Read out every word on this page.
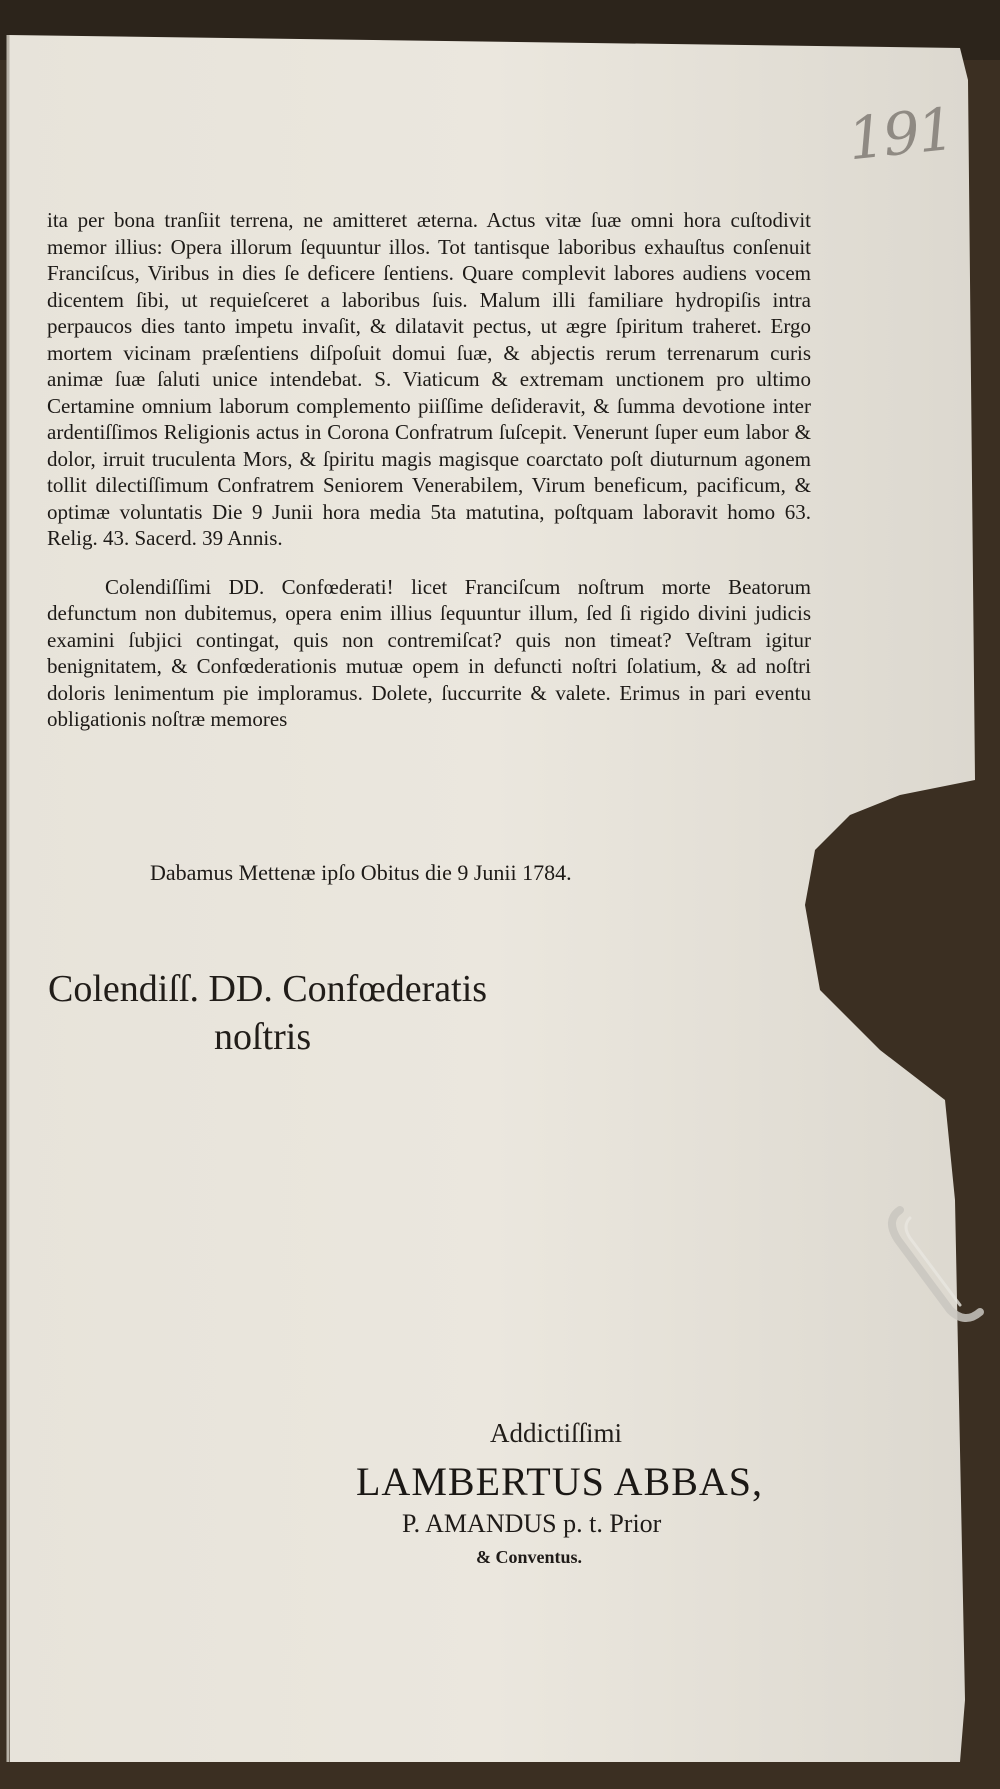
191

ita per bona tranſiit terrena, ne amitteret æterna. Actus vitæ ſuæ omni hora cuſtodivit memor illius: Opera illorum ſequuntur illos. Tot tantisque laboribus exhauſtus conſenuit Franciſcus, Viribus in dies ſe deficere ſentiens. Quare complevit labores audiens vocem dicentem ſibi, ut requieſceret a laboribus ſuis. Malum illi familiare hydropiſis intra perpaucos dies tanto impetu invaſit, & dilatavit pectus, ut ægre ſpiritum traheret. Ergo mortem vicinam præſentiens diſpoſuit domui ſuæ, & abjectis rerum terrenarum curis animæ ſuæ ſaluti unice intendebat. S. Viaticum & extremam unctionem pro ultimo Certamine omnium laborum complemento piiſſime deſideravit, & ſumma devotione inter ardentiſſimos Religionis actus in Corona Confratrum ſuſcepit. Venerunt ſuper eum labor & dolor, irruit truculenta Mors, & ſpiritu magis magisque coarctato poſt diuturnum agonem tollit dilectiſſimum Confratrem Seniorem Venerabilem, Virum beneficum, pacificum, & optimæ voluntatis Die 9 Junii hora media 5ta matutina, poſtquam laboravit homo 63. Relig. 43. Sacerd. 39 Annis.

Colendiſſimi DD. Confœderati! licet Franciſcum noſtrum morte Beatorum defunctum non dubitemus, opera enim illius ſequuntur illum, ſed ſi rigido divini judicis examini ſubjici contingat, quis non contremiſcat? quis non timeat? Veſtram igitur benignitatem, & Confœderationis mutuæ opem in defuncti noſtri ſolatium, & ad noſtri doloris lenimentum pie imploramus. Dolete, ſuccurrite & valete. Erimus in pari eventu obligationis noſtræ memores

Dabamus Mettenæ ipſo Obitus die 9 Junii 1784.
Colendiſſ. DD. Confœderatis
noſtris
Addictiſſimi
LAMBERTUS ABBAS,
P. AMANDUS p. t. Prior
& Conventus.
